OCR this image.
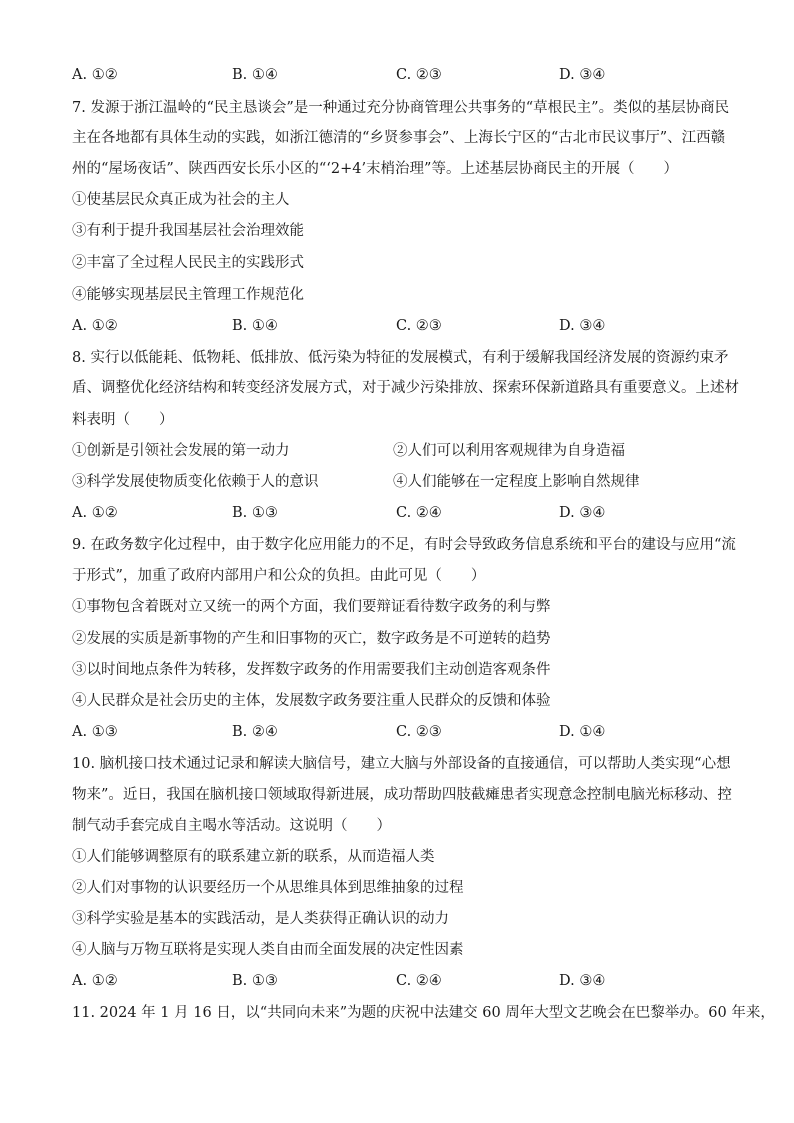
A. ①②	B. ①④	C. ②③	D. ③④
7. 发源于浙江温岭的“民主恳谈会”是一种通过充分协商管理公共事务的“草根民主”。类似的基层协商民
主在各地都有具体生动的实践，如浙江德清的“乡贤参事会”、上海长宁区的“古北市民议事厅”、江西赣
州的“屋场夜话”、陕西西安长乐小区的“‘2+4’末梢治理”等。上述基层协商民主的开展（　　）
①使基层民众真正成为社会的主人
③有利于提升我国基层社会治理效能
②丰富了全过程人民民主的实践形式
④能够实现基层民主管理工作规范化
A. ①②	B. ①④	C. ②③	D. ③④
8. 实行以低能耗、低物耗、低排放、低污染为特征的发展模式，有利于缓解我国经济发展的资源约束矛
盾、调整优化经济结构和转变经济发展方式，对于减少污染排放、探索环保新道路具有重要意义。上述材
料表明（　　）
①创新是引领社会发展的第一动力	②人们可以利用客观规律为自身造福
③科学发展使物质变化依赖于人的意识	④人们能够在一定程度上影响自然规律
A. ①②	B. ①③	C. ②④	D. ③④
9. 在政务数字化过程中，由于数字化应用能力的不足，有时会导致政务信息系统和平台的建设与应用“流
于形式”，加重了政府内部用户和公众的负担。由此可见（　　）
①事物包含着既对立又统一的两个方面，我们要辩证看待数字政务的利与弊
②发展的实质是新事物的产生和旧事物的灭亡，数字政务是不可逆转的趋势
③以时间地点条件为转移，发挥数字政务的作用需要我们主动创造客观条件
④人民群众是社会历史的主体，发展数字政务要注重人民群众的反馈和体验
A. ①③	B. ②④	C. ②③	D. ①④
10. 脑机接口技术通过记录和解读大脑信号，建立大脑与外部设备的直接通信，可以帮助人类实现“心想
物来”。近日，我国在脑机接口领域取得新进展，成功帮助四肢截瘫患者实现意念控制电脑光标移动、控
制气动手套完成自主喝水等活动。这说明（　　）
①人们能够调整原有的联系建立新的联系，从而造福人类
②人们对事物的认识要经历一个从思维具体到思维抽象的过程
③科学实验是基本的实践活动，是人类获得正确认识的动力
④人脑与万物互联将是实现人类自由而全面发展的决定性因素
A. ①②	B. ①③	C. ②④	D. ③④
11. 2024 年 1 月 16 日，以“共同向未来”为题的庆祝中法建交 60 周年大型文艺晚会在巴黎举办。60 年来，
